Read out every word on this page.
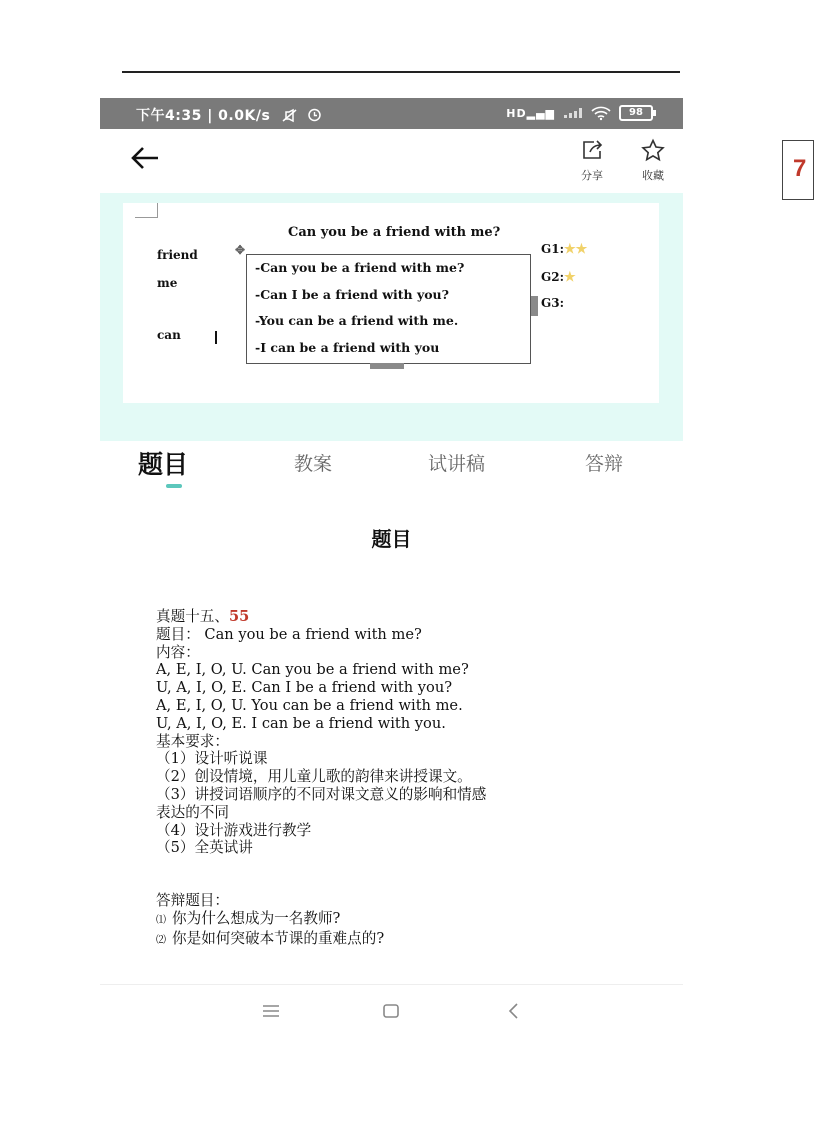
7
下午4:35 | 0.0K/s	HD▂▄▆	98
分享	收藏
Can you be a friend with me?
friend
me
can
✥
-Can you be a friend with me?
-Can I be a friend with you?
-You can be a friend with me.
-I can be a friend with you
G1:★★
G2:★
G3:
题目	教案	试讲稿	答辩
题目
真题十五、55
题目： Can you be a friend with me?
内容：
A, E, I, O, U. Can you be a friend with me?
U, A, I, O, E. Can I be a friend with you?
A, E, I, O, U. You can be a friend with me.
U, A, I, O, E. I can be a friend with you.
基本要求：
（1）设计听说课
（2）创设情境，用儿童儿歌的韵律来讲授课文。
（3）讲授词语顺序的不同对课文意义的影响和情感
表达的不同
（4）设计游戏进行教学
（5）全英试讲
答辩题目：
⑴ 你为什么想成为一名教师?
⑵ 你是如何突破本节课的重难点的?
